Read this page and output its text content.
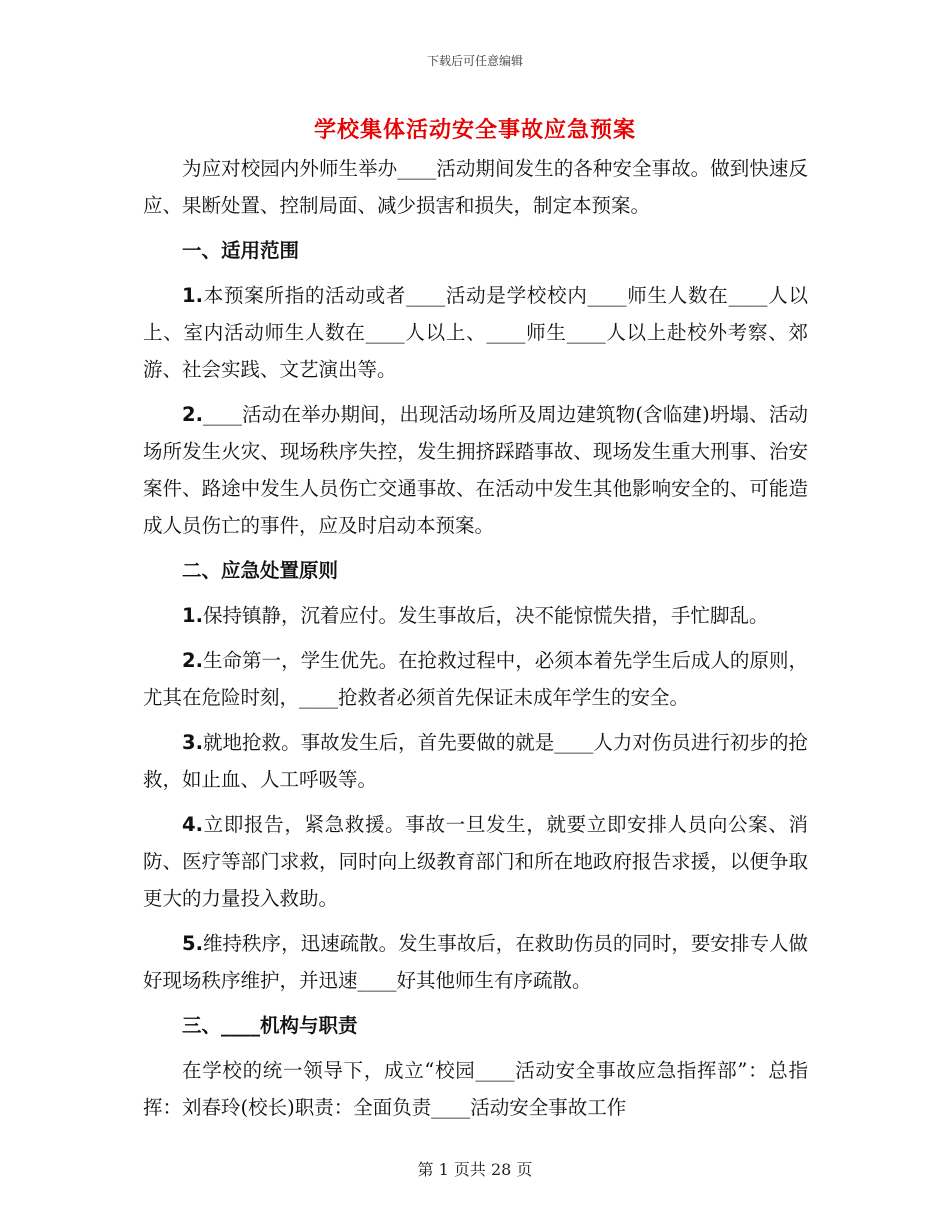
下载后可任意编辑
学校集体活动安全事故应急预案

为应对校园内外师生举办____活动期间发生的各种安全事故。做到快速反应、果断处置、控制局面、减少损害和损失，制定本预案。

一、适用范围

1.本预案所指的活动或者____活动是学校校内____师生人数在____人以上、室内活动师生人数在____人以上、____师生____人以上赴校外考察、郊游、社会实践、文艺演出等。

2.____活动在举办期间，出现活动场所及周边建筑物(含临建)坍塌、活动场所发生火灾、现场秩序失控，发生拥挤踩踏事故、现场发生重大刑事、治安案件、路途中发生人员伤亡交通事故、在活动中发生其他影响安全的、可能造成人员伤亡的事件，应及时启动本预案。

二、应急处置原则

1.保持镇静，沉着应付。发生事故后，决不能惊慌失措，手忙脚乱。

2.生命第一，学生优先。在抢救过程中，必须本着先学生后成人的原则，尤其在危险时刻，____抢救者必须首先保证未成年学生的安全。

3.就地抢救。事故发生后，首先要做的就是____人力对伤员进行初步的抢救，如止血、人工呼吸等。

4.立即报告，紧急救援。事故一旦发生，就要立即安排人员向公案、消防、医疗等部门求救，同时向上级教育部门和所在地政府报告求援，以便争取更大的力量投入救助。

5.维持秩序，迅速疏散。发生事故后，在救助伤员的同时，要安排专人做好现场秩序维护，并迅速____好其他师生有序疏散。

三、____机构与职责

在学校的统一领导下，成立“校园____活动安全事故应急指挥部”：总指挥：刘春玲(校长)职责：全面负责____活动安全事故工作

第 1 页共 28 页
